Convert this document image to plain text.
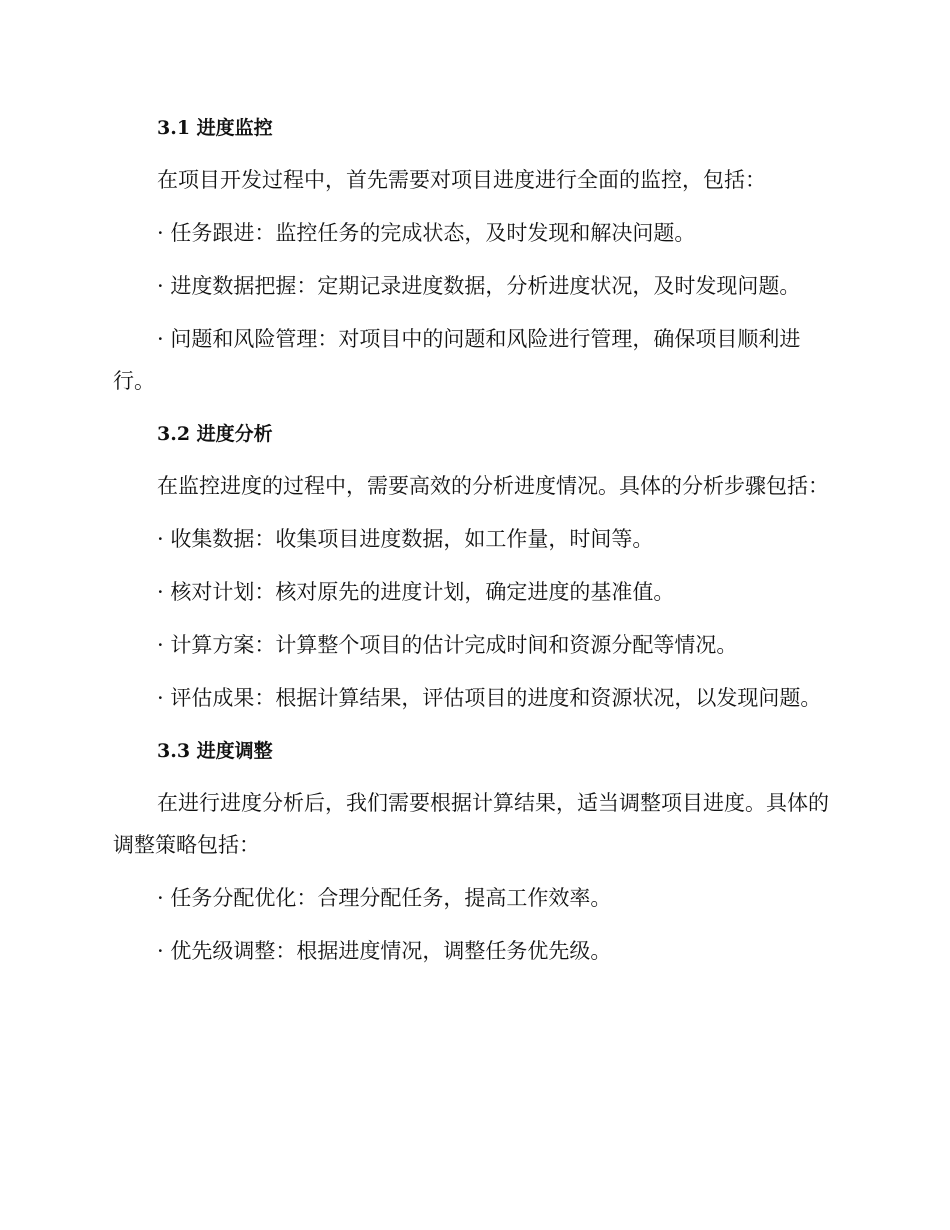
3.1 进度监控

在项目开发过程中，首先需要对项目进度进行全面的监控，包括：

· 任务跟进：监控任务的完成状态，及时发现和解决问题。

· 进度数据把握：定期记录进度数据，分析进度状况，及时发现问题。

· 问题和风险管理：对项目中的问题和风险进行管理，确保项目顺利进行。

3.2 进度分析

在监控进度的过程中，需要高效的分析进度情况。具体的分析步骤包括：

· 收集数据：收集项目进度数据，如工作量，时间等。

· 核对计划：核对原先的进度计划，确定进度的基准值。

· 计算方案：计算整个项目的估计完成时间和资源分配等情况。

· 评估成果：根据计算结果，评估项目的进度和资源状况，以发现问题。

3.3 进度调整

在进行进度分析后，我们需要根据计算结果，适当调整项目进度。具体的调整策略包括：

· 任务分配优化：合理分配任务，提高工作效率。

· 优先级调整：根据进度情况，调整任务优先级。
